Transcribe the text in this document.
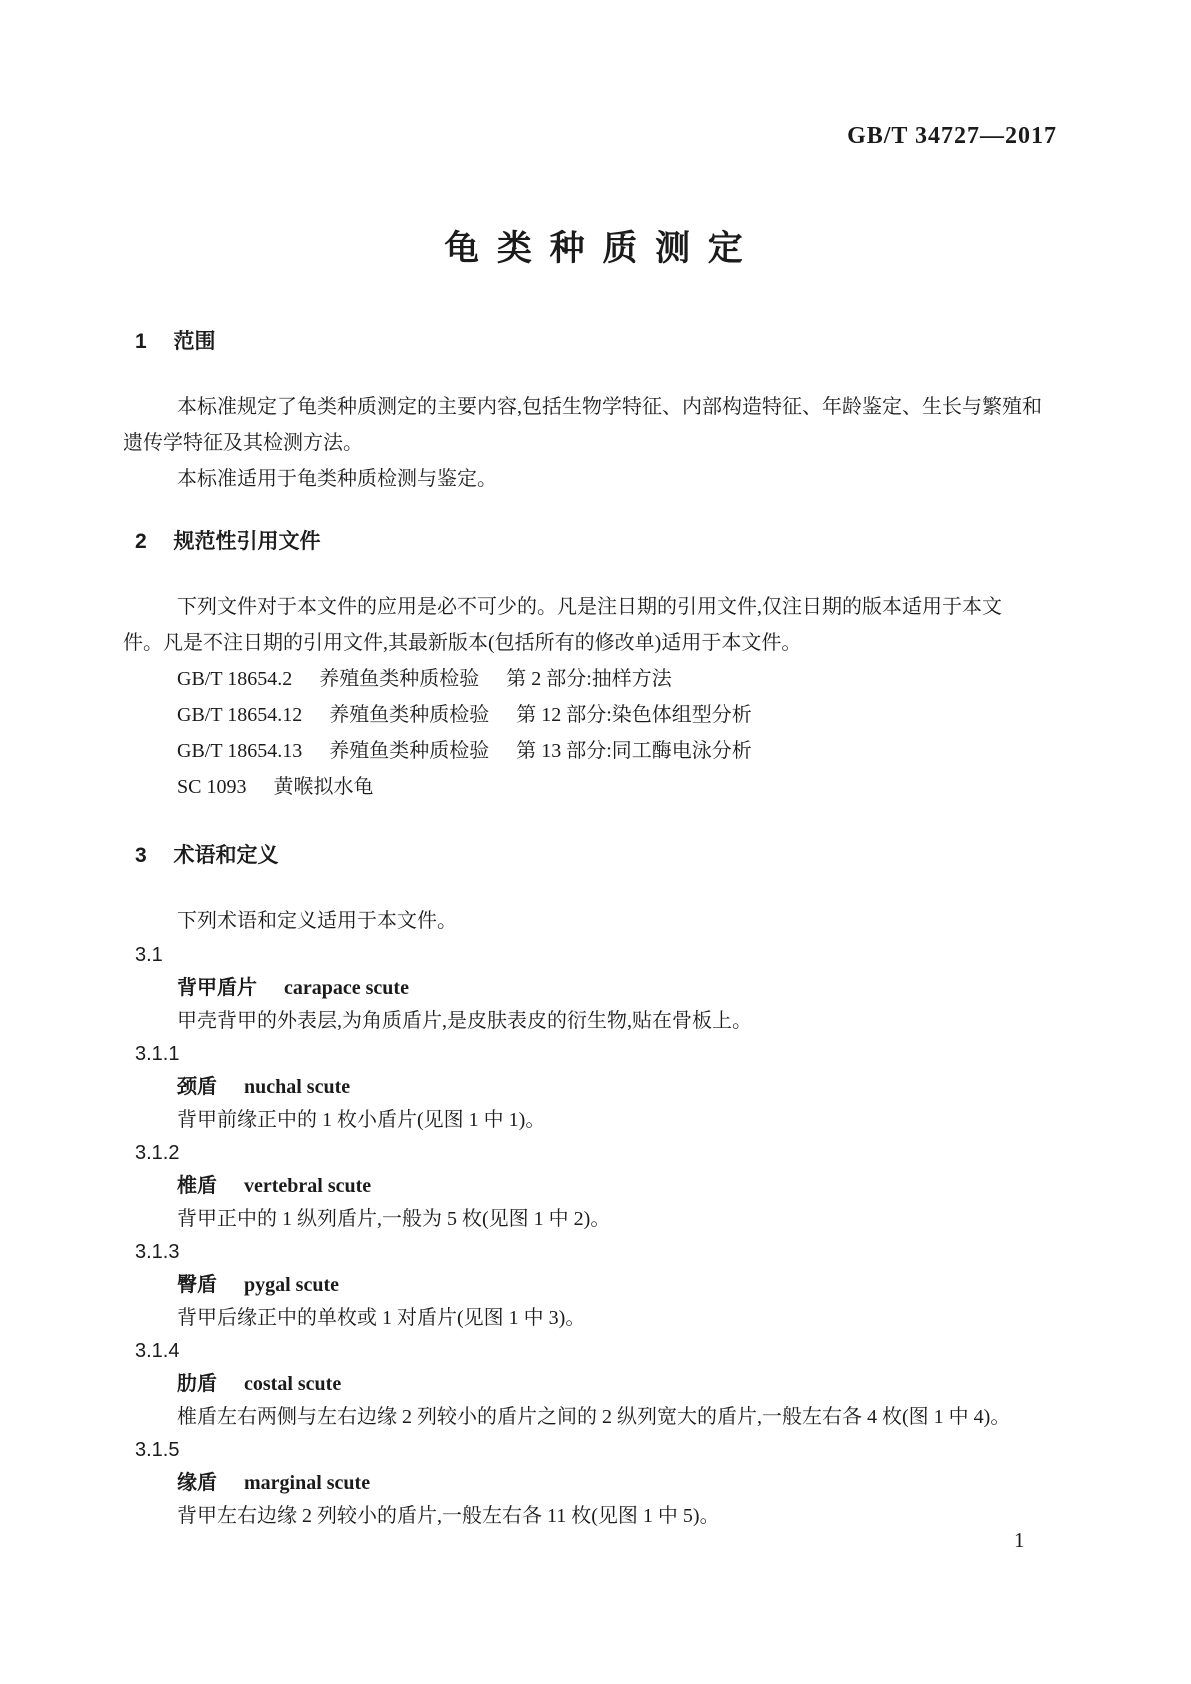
GB/T 34727—2017
龟 类 种 质 测 定
1 范围
本标准规定了龟类种质测定的主要内容,包括生物学特征、内部构造特征、年龄鉴定、生长与繁殖和
遗传学特征及其检测方法。
本标准适用于龟类种质检测与鉴定。
2 规范性引用文件
下列文件对于本文件的应用是必不可少的。凡是注日期的引用文件,仅注日期的版本适用于本文
件。凡是不注日期的引用文件,其最新版本(包括所有的修改单)适用于本文件。
GB/T 18654.2 养殖鱼类种质检验 第 2 部分:抽样方法
GB/T 18654.12 养殖鱼类种质检验 第 12 部分:染色体组型分析
GB/T 18654.13 养殖鱼类种质检验 第 13 部分:同工酶电泳分析
SC 1093 黄喉拟水龟
3 术语和定义
下列术语和定义适用于本文件。
3.1
背甲盾片 carapace scute
甲壳背甲的外表层,为角质盾片,是皮肤表皮的衍生物,贴在骨板上。
3.1.1
颈盾 nuchal scute
背甲前缘正中的 1 枚小盾片(见图 1 中 1)。
3.1.2
椎盾 vertebral scute
背甲正中的 1 纵列盾片,一般为 5 枚(见图 1 中 2)。
3.1.3
臀盾 pygal scute
背甲后缘正中的单枚或 1 对盾片(见图 1 中 3)。
3.1.4
肋盾 costal scute
椎盾左右两侧与左右边缘 2 列较小的盾片之间的 2 纵列宽大的盾片,一般左右各 4 枚(图 1 中 4)。
3.1.5
缘盾 marginal scute
背甲左右边缘 2 列较小的盾片,一般左右各 11 枚(见图 1 中 5)。
1
